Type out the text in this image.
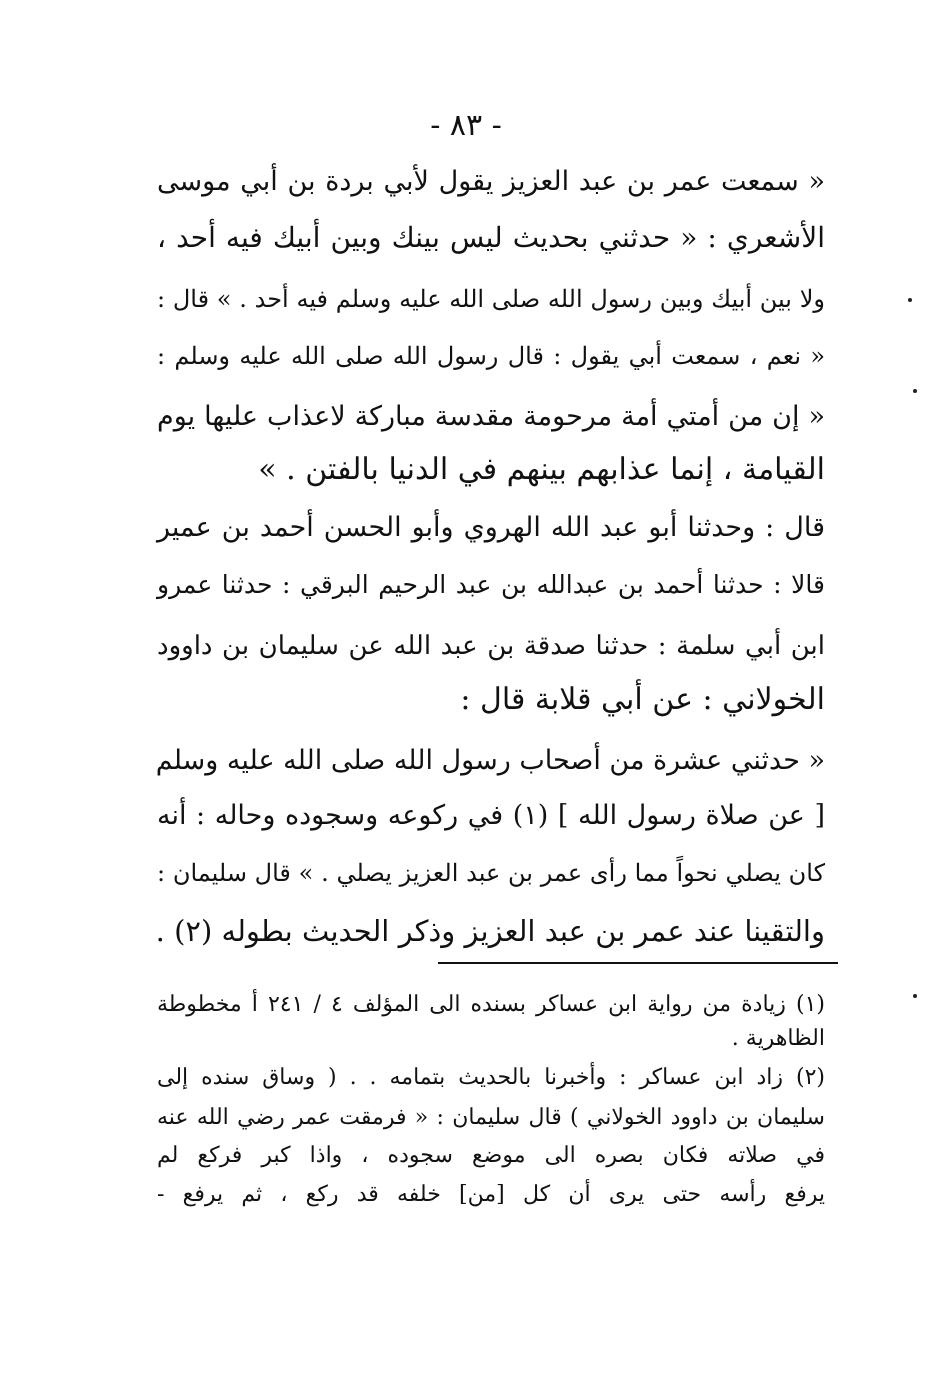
- ٨٣ -
« سمعت عمر بن عبد العزيز يقول لأبي بردة بن أبي موسى
الأشعري : « حدثني بحديث ليس بينك وبين أبيك فيه أحد ،
ولا بين أبيك وبين رسول الله صلى الله عليه وسلم فيه أحد . » قال :
« نعم ، سمعت أبي يقول : قال رسول الله صلى الله عليه وسلم :
« إن من أمتي أمة مرحومة مقدسة مباركة لاعذاب عليها يوم
القيامة ، إنما عذابهم بينهم في الدنيا بالفتن . »
قال : وحدثنا أبو عبد الله الهروي وأبو الحسن أحمد بن عمير
قالا : حدثنا أحمد بن عبدالله بن عبد الرحيم البرقي : حدثنا عمرو
ابن أبي سلمة : حدثنا صدقة بن عبد الله عن سليمان بن داوود
الخولاني : عن أبي قلابة قال :
« حدثني عشرة من أصحاب رسول الله صلى الله عليه وسلم
[ عن صلاة رسول الله ] (١) في ركوعه وسجوده وحاله : أنه
كان يصلي نحواً مما رأى عمر بن عبد العزيز يصلي . » قال سليمان :
والتقينا عند عمر بن عبد العزيز وذكر الحديث بطوله (٢) .
(١) زيادة من رواية ابن عساكر بسنده الى المؤلف ٤ / ٢٤١ أ مخطوطة
الظاهرية .
(٢) زاد ابن عساكر : وأخبرنا بالحديث بتمامه . . ( وساق سنده إلى
سليمان بن داوود الخولاني ) قال سليمان : « فرمقت عمر رضي الله عنه
في صلاته فكان بصره الى موضع سجوده ، واذا كبر فركع لم
يرفع رأسه حتى يرى أن كل [من] خلفه قد ركع ، ثم يرفع -
